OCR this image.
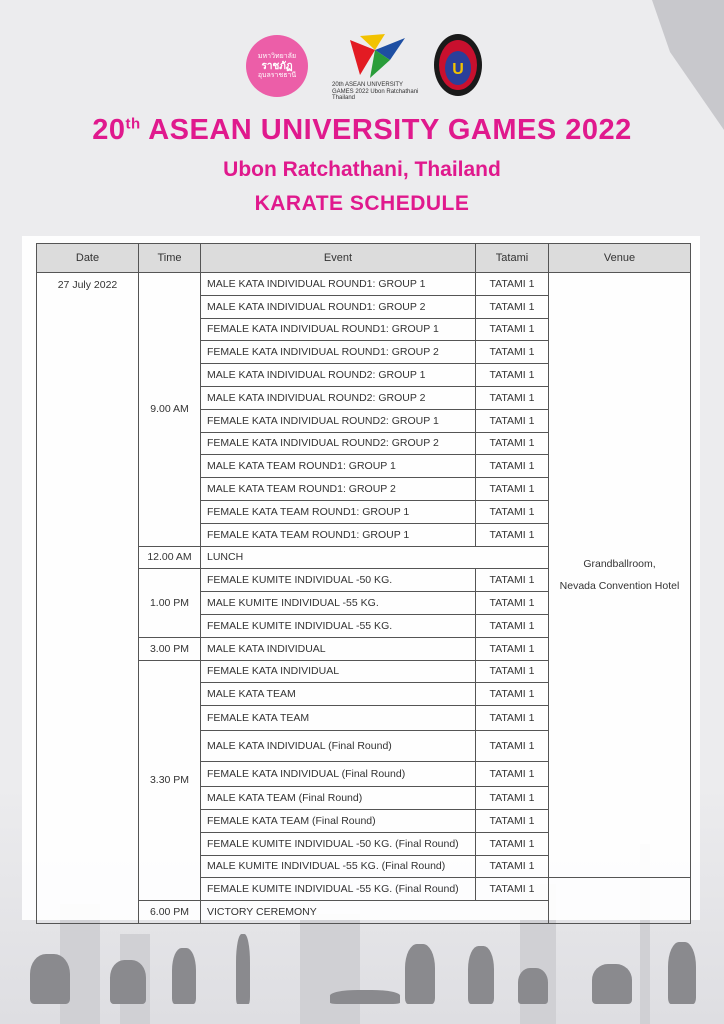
มหาวิทยาลัย
ราชภัฏ
อุบลราชธานี
20th ASEAN UNIVERSITY GAMES 2022 Ubon Ratchathani Thailand
U
20th ASEAN UNIVERSITY GAMES 2022
Ubon Ratchathani, Thailand
KARATE SCHEDULE
Date	Time	Event	Tatami	Venue
27 July 2022	9.00 AM	MALE KATA INDIVIDUAL ROUND1: GROUP 1	TATAMI 1	Grandballroom,
Nevada Convention Hotel

		MALE KATA INDIVIDUAL ROUND1: GROUP 2	TATAMI 1	
		FEMALE KATA INDIVIDUAL ROUND1: GROUP 1	TATAMI 1	
		FEMALE KATA INDIVIDUAL ROUND1: GROUP 2	TATAMI 1	
		MALE KATA INDIVIDUAL ROUND2: GROUP 1	TATAMI 1	
		MALE KATA INDIVIDUAL ROUND2: GROUP 2	TATAMI 1	
		FEMALE KATA INDIVIDUAL ROUND2: GROUP 1	TATAMI 1	
		FEMALE KATA INDIVIDUAL ROUND2: GROUP 2	TATAMI 1	
		MALE KATA TEAM ROUND1: GROUP 1	TATAMI 1	
		MALE KATA TEAM ROUND1: GROUP 2	TATAMI 1	
		FEMALE KATA TEAM ROUND1: GROUP 1	TATAMI 1	
		FEMALE KATA TEAM ROUND1: GROUP 1	TATAMI 1	
	12.00 AM	LUNCH		
	1.00 PM	FEMALE KUMITE INDIVIDUAL -50 KG.	TATAMI 1	
		MALE KUMITE INDIVIDUAL -55 KG.	TATAMI 1	
		FEMALE KUMITE INDIVIDUAL -55 KG.	TATAMI 1	
	3.00 PM	MALE KATA INDIVIDUAL	TATAMI 1	
	3.30 PM	FEMALE KATA INDIVIDUAL	TATAMI 1	
		MALE KATA TEAM	TATAMI 1	
		FEMALE KATA TEAM	TATAMI 1	
		MALE KATA INDIVIDUAL (Final Round)	TATAMI 1	
		FEMALE KATA INDIVIDUAL (Final Round)	TATAMI 1	
		MALE KATA TEAM (Final Round)	TATAMI 1	
		FEMALE KATA TEAM (Final Round)	TATAMI 1	
		FEMALE KUMITE INDIVIDUAL -50 KG. (Final Round)	TATAMI 1	
		MALE KUMITE INDIVIDUAL -55 KG. (Final Round)	TATAMI 1	
		FEMALE KUMITE INDIVIDUAL -55 KG. (Final Round)	TATAMI 1	
	6.00 PM	VICTORY CEREMONY		
